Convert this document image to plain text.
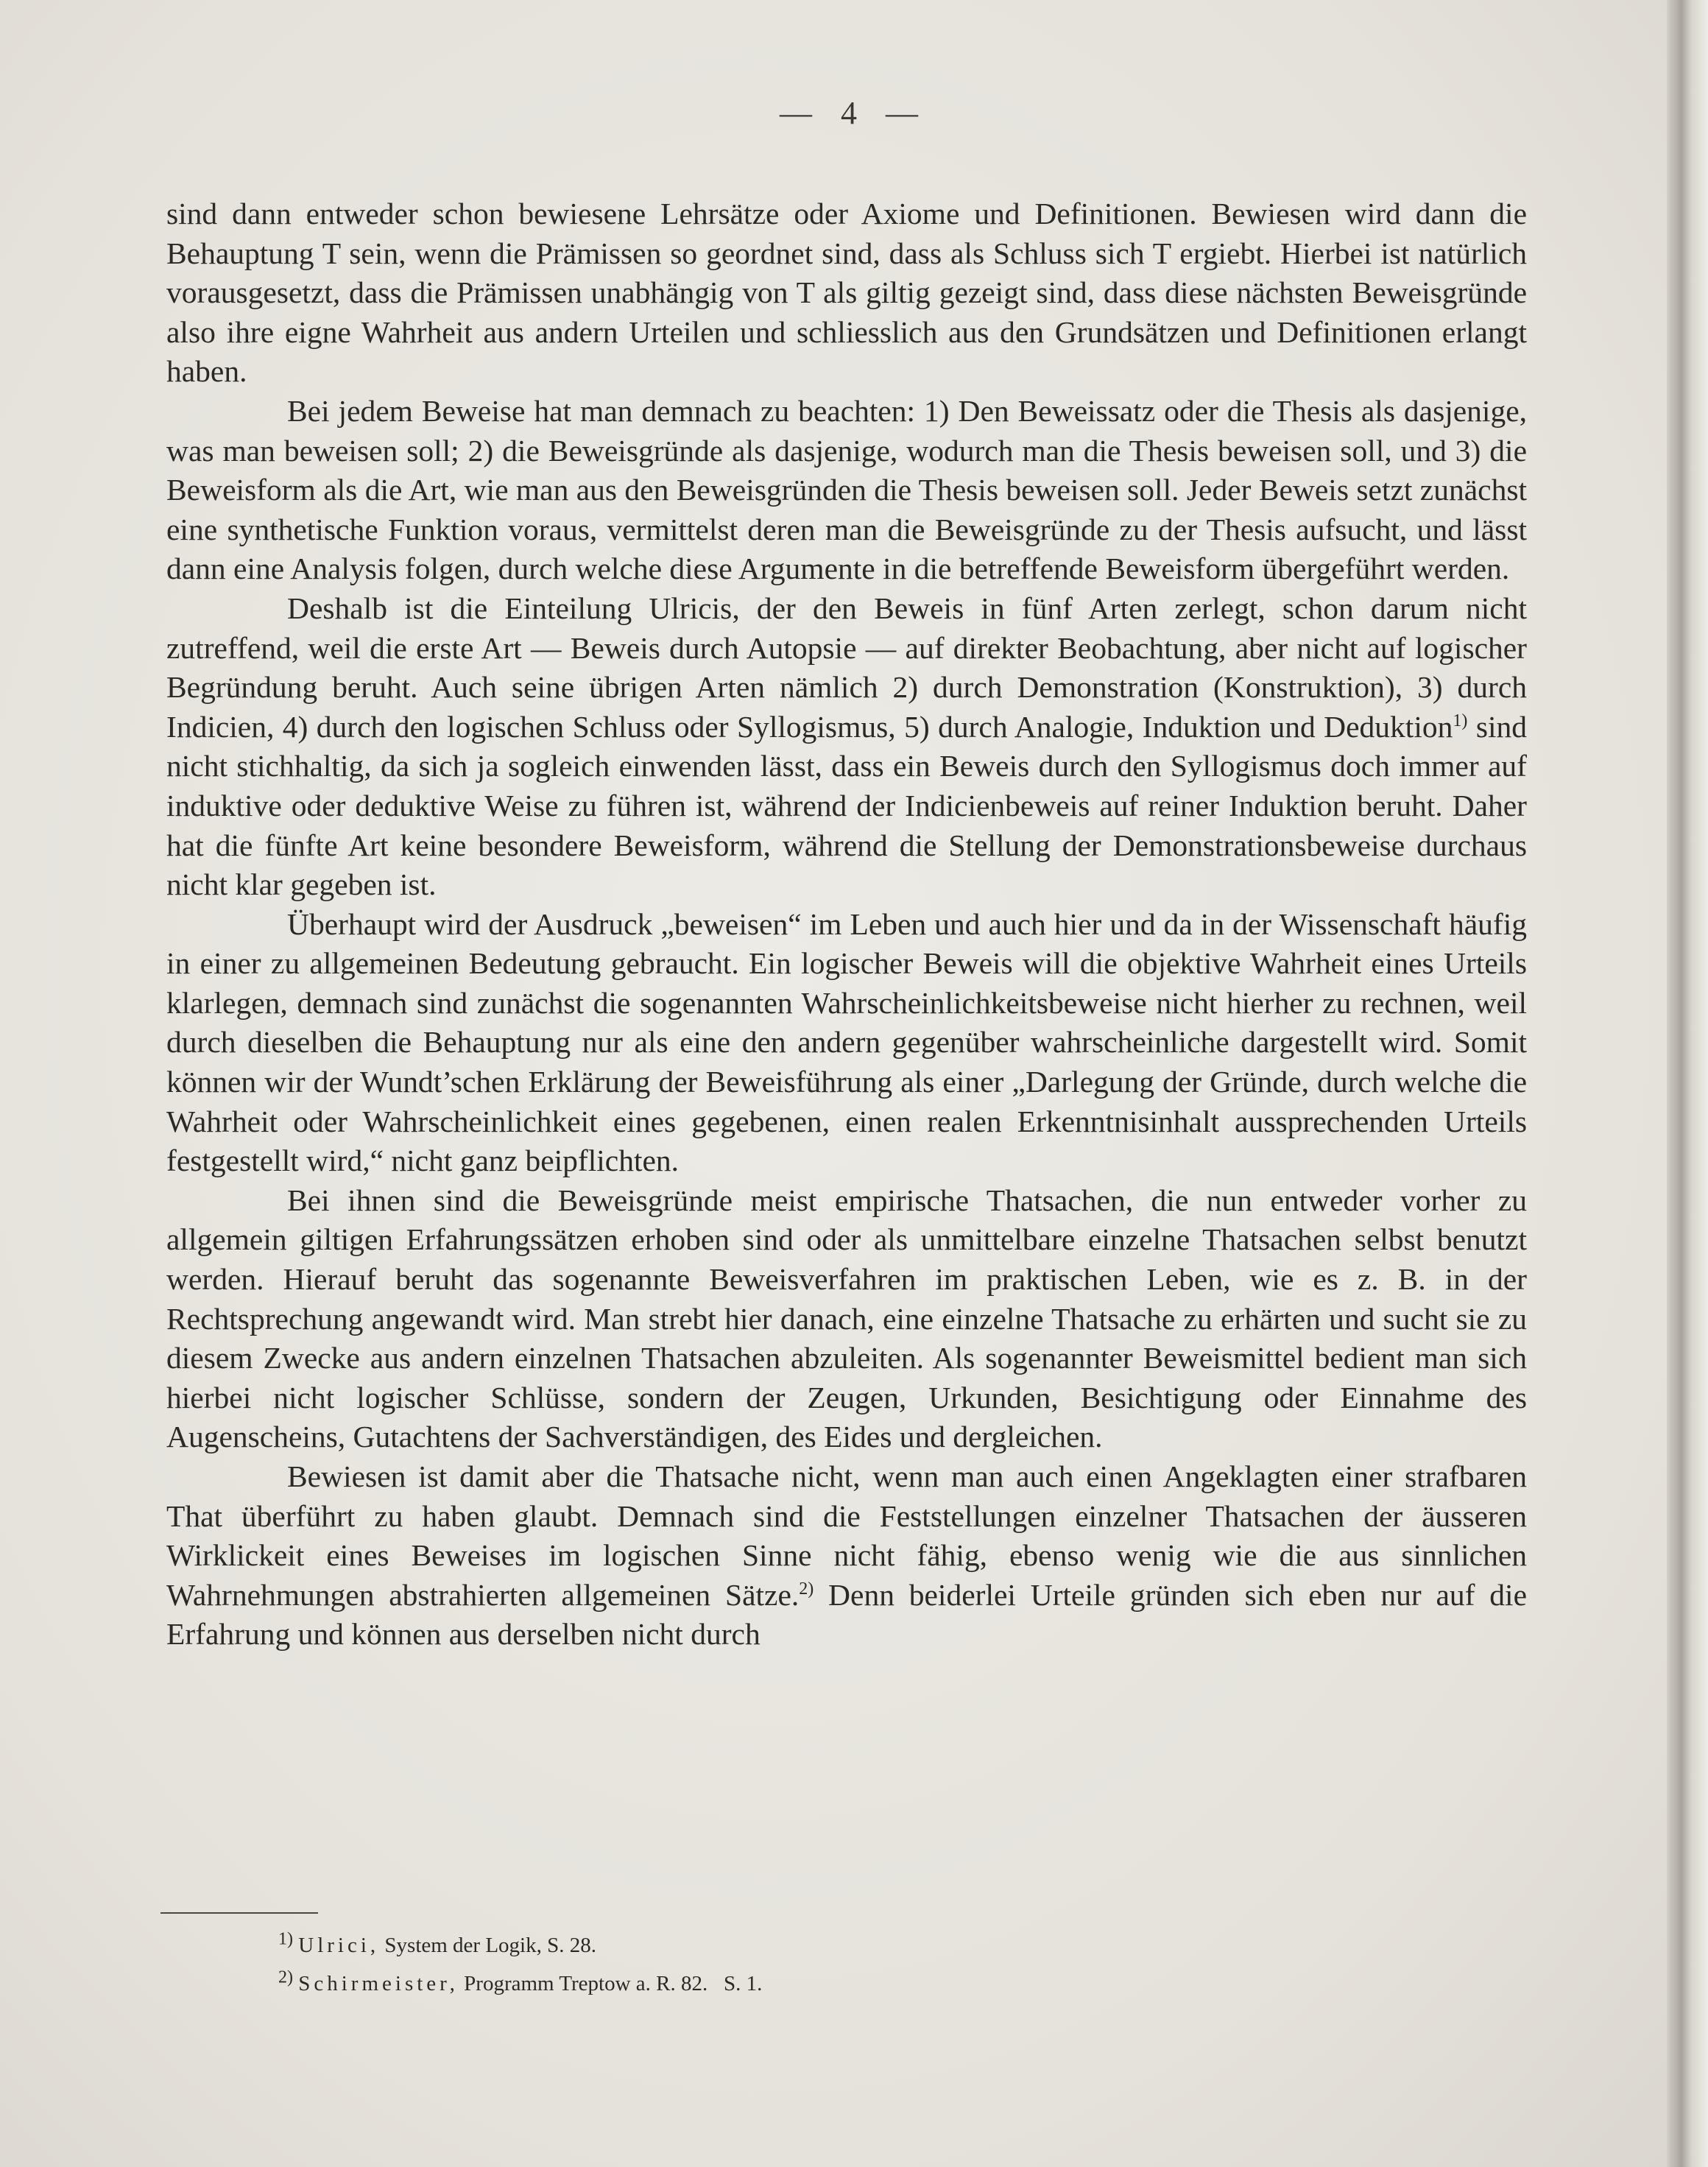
— 4 —

sind dann entweder schon bewiesene Lehrsätze oder Axiome und Definitionen. Bewiesen wird dann die Behauptung T sein, wenn die Prämissen so geordnet sind, dass als Schluss sich T ergiebt. Hierbei ist natürlich vorausgesetzt, dass die Prämissen unabhängig von T als giltig gezeigt sind, dass diese nächsten Beweisgründe also ihre eigne Wahrheit aus andern Urteilen und schliesslich aus den Grundsätzen und Definitionen erlangt haben.

Bei jedem Beweise hat man demnach zu beachten: 1) Den Beweissatz oder die Thesis als dasjenige, was man beweisen soll; 2) die Beweisgründe als dasjenige, wodurch man die Thesis beweisen soll, und 3) die Beweisform als die Art, wie man aus den Beweisgründen die Thesis beweisen soll. Jeder Beweis setzt zunächst eine synthetische Funktion voraus, vermittelst deren man die Beweisgründe zu der Thesis aufsucht, und lässt dann eine Analysis folgen, durch welche diese Argumente in die betreffende Beweisform übergeführt werden.

Deshalb ist die Einteilung Ulricis, der den Beweis in fünf Arten zerlegt, schon darum nicht zutreffend, weil die erste Art — Beweis durch Autopsie — auf direkter Beobachtung, aber nicht auf logischer Begründung beruht. Auch seine übrigen Arten nämlich 2) durch Demonstration (Konstruktion), 3) durch Indicien, 4) durch den logischen Schluss oder Syllogismus, 5) durch Analogie, Induktion und Deduktion$^{1)}$ sind nicht stichhaltig, da sich ja sogleich einwenden lässt, dass ein Beweis durch den Syllogismus doch immer auf induktive oder deduktive Weise zu führen ist, während der Indicienbeweis auf reiner Induktion beruht. Daher hat die fünfte Art keine besondere Beweisform, während die Stellung der Demonstrationsbeweise durchaus nicht klar gegeben ist.

Überhaupt wird der Ausdruck „beweisen“ im Leben und auch hier und da in der Wissenschaft häufig in einer zu allgemeinen Bedeutung gebraucht. Ein logischer Beweis will die objektive Wahrheit eines Urteils klarlegen, demnach sind zunächst die sogenannten Wahrscheinlichkeitsbeweise nicht hierher zu rechnen, weil durch dieselben die Behauptung nur als eine den andern gegenüber wahrscheinliche dargestellt wird. Somit können wir der Wundt’schen Erklärung der Beweisführung als einer „Darlegung der Gründe, durch welche die Wahrheit oder Wahrscheinlichkeit eines gegebenen, einen realen Erkenntnisinhalt aussprechenden Urteils festgestellt wird,“ nicht ganz beipflichten.

Bei ihnen sind die Beweisgründe meist empirische Thatsachen, die nun entweder vorher zu allgemein giltigen Erfahrungssätzen erhoben sind oder als unmittelbare einzelne Thatsachen selbst benutzt werden. Hierauf beruht das sogenannte Beweisverfahren im praktischen Leben, wie es z. B. in der Rechtsprechung angewandt wird. Man strebt hier danach, eine einzelne Thatsache zu erhärten und sucht sie zu diesem Zwecke aus andern einzelnen Thatsachen abzuleiten. Als sogenannter Beweismittel bedient man sich hierbei nicht logischer Schlüsse, sondern der Zeugen, Urkunden, Besichtigung oder Einnahme des Augenscheins, Gutachtens der Sachverständigen, des Eides und dergleichen.

Bewiesen ist damit aber die Thatsache nicht, wenn man auch einen Angeklagten einer strafbaren That überführt zu haben glaubt. Demnach sind die Feststellungen einzelner Thatsachen der äusseren Wirklickeit eines Beweises im logischen Sinne nicht fähig, ebenso wenig wie die aus sinnlichen Wahrnehmungen abstrahierten allgemeinen Sätze.$^{2)}$ Denn beiderlei Urteile gründen sich eben nur auf die Erfahrung und können aus derselben nicht durch

$^{1)}$ Ulrici, System der Logik, S. 28.

$^{2)}$ Schirmeister, Programm Treptow a. R. 82.   S. 1.
